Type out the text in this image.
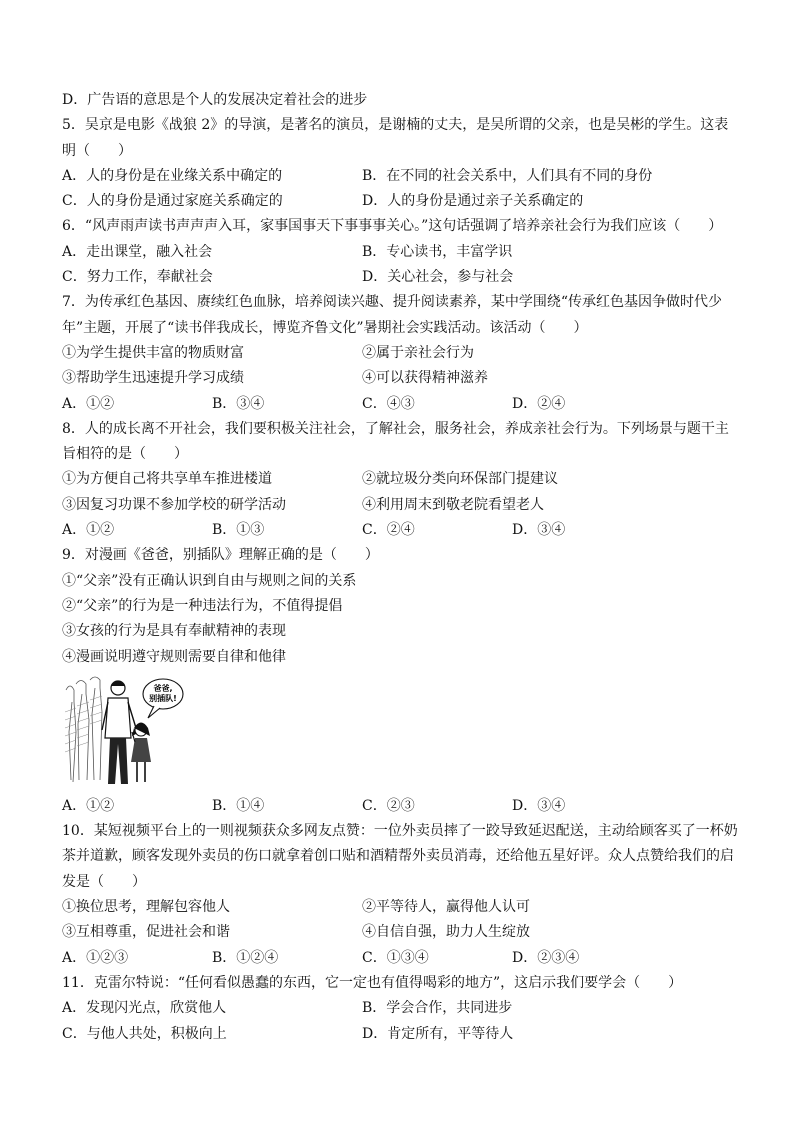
D．广告语的意思是个人的发展决定着社会的进步
5．吴京是电影《战狼 2》的导演，是著名的演员，是谢楠的丈夫，是吴所谓的父亲，也是吴彬的学生。这表
明（　　）
A．人的身份是在业缘关系中确定的	B．在不同的社会关系中，人们具有不同的身份
C．人的身份是通过家庭关系确定的	D．人的身份是通过亲子关系确定的
6．“风声雨声读书声声声入耳，家事国事天下事事事关心。”这句话强调了培养亲社会行为我们应该（　　）
A．走出课堂，融入社会	B．专心读书，丰富学识
C．努力工作，奉献社会	D．关心社会，参与社会
7．为传承红色基因、赓续红色血脉，培养阅读兴趣、提升阅读素养，某中学围绕“传承红色基因争做时代少
年”主题，开展了“读书伴我成长，博览齐鲁文化”暑期社会实践活动。该活动（　　）
①为学生提供丰富的物质财富	②属于亲社会行为
③帮助学生迅速提升学习成绩	④可以获得精神滋养
A．①②	B．③④	C．④③	D．②④
8．人的成长离不开社会，我们要积极关注社会，了解社会，服务社会，养成亲社会行为。下列场景与题干主
旨相符的是（　　）
①为方便自己将共享单车推进楼道	②就垃圾分类向环保部门提建议
③因复习功课不参加学校的研学活动	④利用周末到敬老院看望老人
A．①②	B．①③	C．②④	D．③④
9．对漫画《爸爸，别插队》理解正确的是（　　）
①“父亲”没有正确认识到自由与规则之间的关系
②“父亲”的行为是一种违法行为，不值得提倡
③女孩的行为是具有奉献精神的表现
④漫画说明遵守规则需要自律和他律
爸爸,
别插队!
A．①②	B．①④	C．②③	D．③④
10．某短视频平台上的一则视频获众多网友点赞：一位外卖员摔了一跤导致延迟配送，主动给顾客买了一杯奶
茶并道歉，顾客发现外卖员的伤口就拿着创口贴和酒精帮外卖员消毒，还给他五星好评。众人点赞给我们的启
发是（　　）
①换位思考，理解包容他人	②平等待人，赢得他人认可
③互相尊重，促进社会和谐	④自信自强，助力人生绽放
A．①②③	B．①②④	C．①③④	D．②③④
11．克雷尔特说：“任何看似愚蠢的东西，它一定也有值得喝彩的地方”，这启示我们要学会（　　）
A．发现闪光点，欣赏他人	B．学会合作，共同进步
C．与他人共处，积极向上	D．肯定所有，平等待人
